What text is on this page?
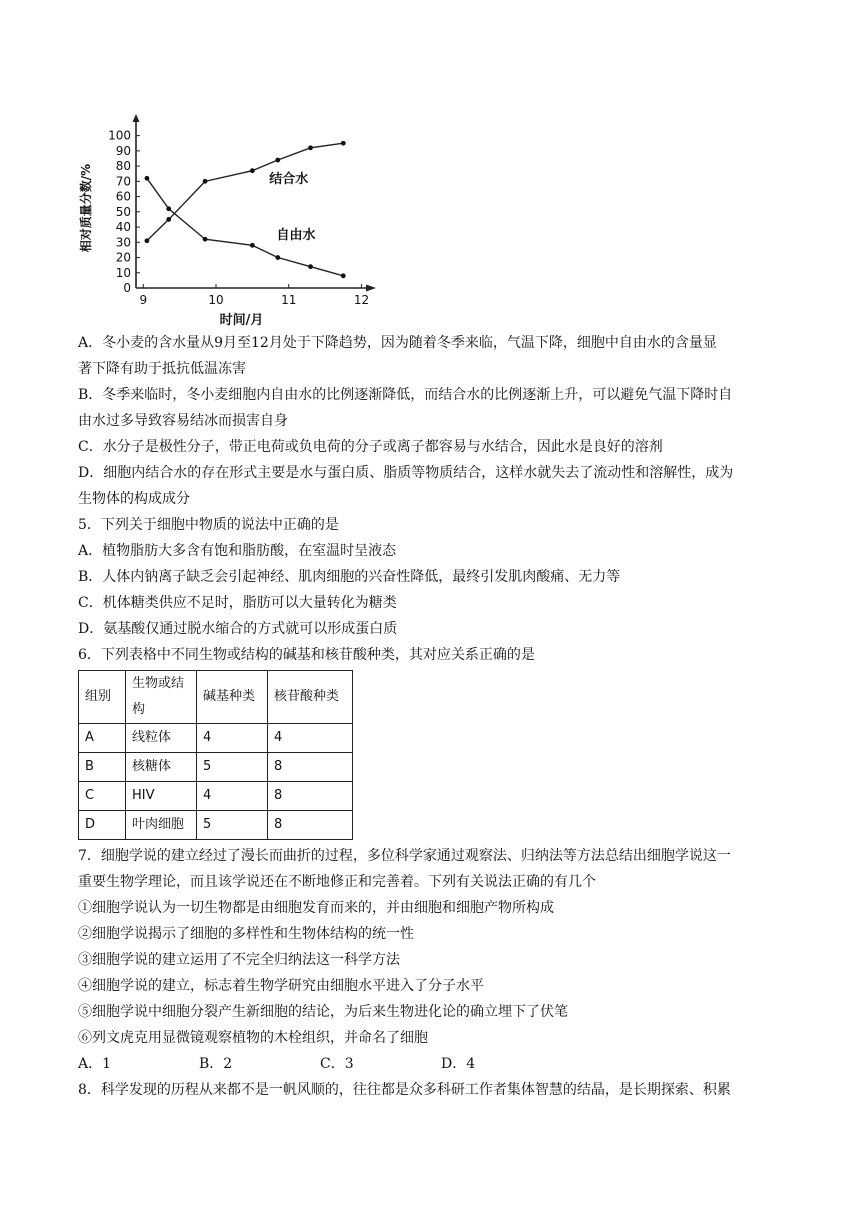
0
10
20
30
40
50
60
70
80
90
100
9	10	11	12
时间/月
相对质量分数/%	结合水
自由水
A．冬小麦的含水量从9月至12月处于下降趋势，因为随着冬季来临，气温下降，细胞中自由水的含量显
著下降有助于抵抗低温冻害
B．冬季来临时，冬小麦细胞内自由水的比例逐渐降低，而结合水的比例逐渐上升，可以避免气温下降时自
由水过多导致容易结冰而损害自身
C．水分子是极性分子，带正电荷或负电荷的分子或离子都容易与水结合，因此水是良好的溶剂
D．细胞内结合水的存在形式主要是水与蛋白质、脂质等物质结合，这样水就失去了流动性和溶解性，成为
生物体的构成成分
5．下列关于细胞中物质的说法中正确的是
A．植物脂肪大多含有饱和脂肪酸，在室温时呈液态
B．人体内钠离子缺乏会引起神经、肌肉细胞的兴奋性降低，最终引发肌肉酸痛、无力等
C．机体糖类供应不足时，脂肪可以大量转化为糖类
D．氨基酸仅通过脱水缩合的方式就可以形成蛋白质
6．下列表格中不同生物或结构的碱基和核苷酸种类，其对应关系正确的是
组别	生物或结构	碱基种类	核苷酸种类
A	线粒体	4	4
B	核糖体	5	8
C	HIV	4	8
D	叶肉细胞	5	8
7．细胞学说的建立经过了漫长而曲折的过程，多位科学家通过观察法、归纳法等方法总结出细胞学说这一
重要生物学理论，而且该学说还在不断地修正和完善着。下列有关说法正确的有几个
①细胞学说认为一切生物都是由细胞发育而来的，并由细胞和细胞产物所构成
②细胞学说揭示了细胞的多样性和生物体结构的统一性
③细胞学说的建立运用了不完全归纳法这一科学方法
④细胞学说的建立，标志着生物学研究由细胞水平进入了分子水平
⑤细胞学说中细胞分裂产生新细胞的结论，为后来生物进化论的确立埋下了伏笔
⑥列文虎克用显微镜观察植物的木栓组织，并命名了细胞
A．1	B．2	C．3	D．4
8．科学发现的历程从来都不是一帆风顺的，往往都是众多科研工作者集体智慧的结晶，是长期探索、积累
